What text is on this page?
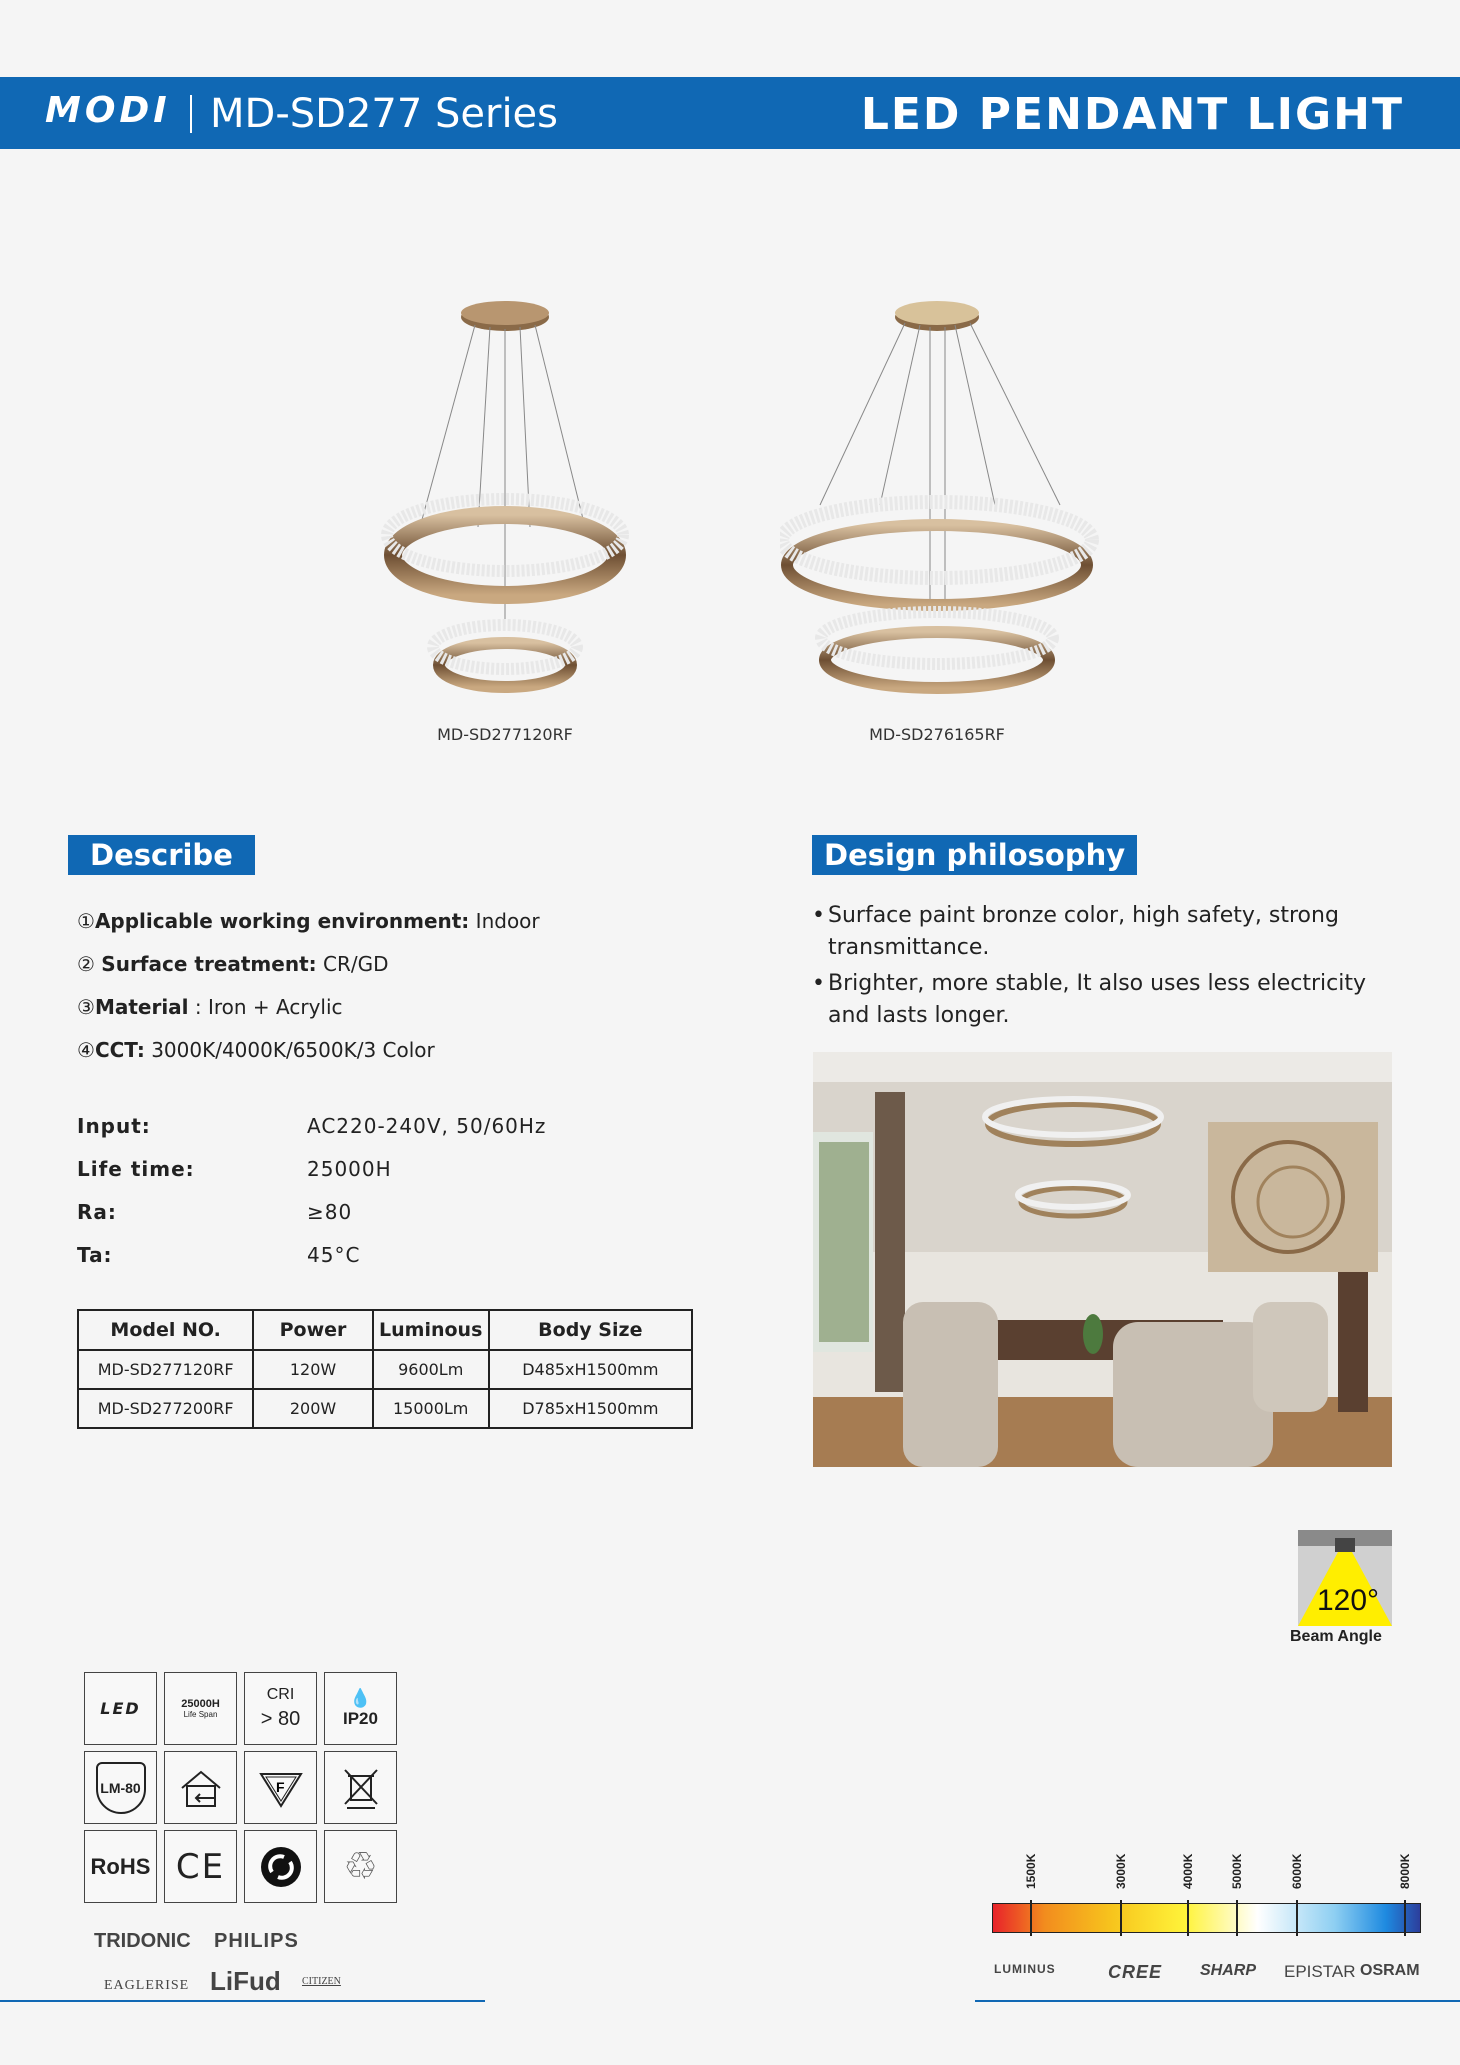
MODI MD-SD277 Series	LED PENDANT LIGHT
MD-SD277120RF	MD-SD276165RF
Describe
①Applicable working environment: Indoor
② Surface treatment: CR/GD
③Material : Iron + Acrylic
④CCT: 3000K/4000K/6500K/3 Color
Input:	AC220-240V, 50/60Hz
Life time:	25000H
Ra:	≥80
Ta:	45°C
Model NO.	Power	Luminous	Body Size
MD-SD277120RF	120W	9600Lm	D485xH1500mm
MD-SD277200RF	200W	15000Lm	D785xH1500mm
Design philosophy
• Surface paint bronze color, high safety, strong transmittance.
• Brighter, more stable, It also uses less electricity and lasts longer.
120°
Beam Angle
LED	25000H
Life Span
CRI
> 80
💧
IP20
LM-80	F
RoHS CE	♲
TRIDONIC PHILIPS
EAGLERISE LiFud CITIZEN
1500K	3000K	4000K	5000K	6000K	8000K
LUMINUS	CREE SHARP EPISTAR OSRAM
